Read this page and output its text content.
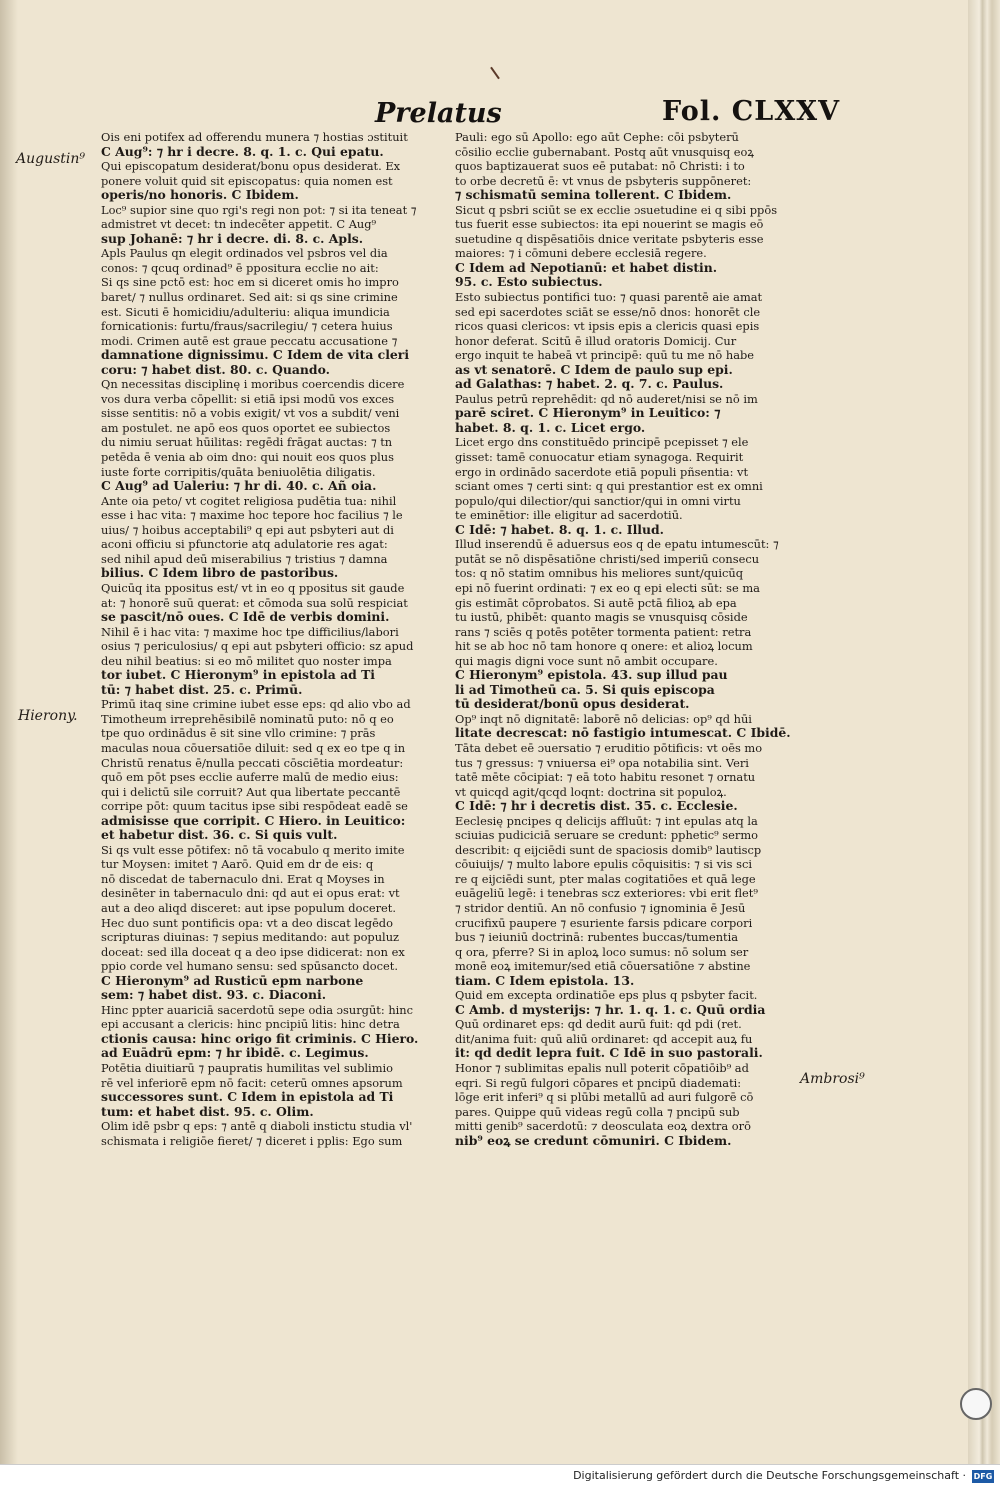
Prelatus	Fol. CLXXV
Augustin⁹
Hierony.
Ambrosi⁹
Ois eni potifex ad offerendu munera ⁊ hostias ɔstituit
C Aug⁹: ⁊ hr i decre. 8. q. 1. c. Qui epatu.
Qui episcopatum desiderat/bonu opus desiderat. Ex
ponere voluit quid sit episcopatus: quia nomen est
operis/no honoris. C Ibidem.
Loc⁹ supior sine quo rgi's regi non pot: ⁊ si ita teneat ⁊
admistret vt decet: tn indecēter appetit. C Aug⁹
sup Johanē: ⁊ hr i decre. di. 8. c. Apls.
Apls Paulus qn elegit ordinados vel psbros vel dia
conos: ⁊ qcuq ordinad⁹ ē ppositura ecclie no ait:
Si qs sine pctō est: hoc em si diceret omis ho impro
baret/ ⁊ nullus ordinaret. Sed ait: si qs sine crimine
est. Sicuti ē homicidiu/adulteriu: aliqua imundicia
fornicationis: furtu/fraus/sacrilegiu/ ⁊ cetera huius
modi. Crimen autē est graue peccatu accusatione ⁊
damnatione dignissimu. C Idem de vita cleri
coru: ⁊ habet dist. 80. c. Quando.
Qn necessitas disciplinę i moribus coercendis dicere
vos dura verba cōpellit: si etiā ipsi modū vos exces
sisse sentitis: nō a vobis exigit/ vt vos a subdit/ veni
am postulet. ne apō eos quos oportet ee subiectos
du nimiu seruat hūilitas: regēdi frāgat auctas: ⁊ tn
petēda ē venia ab oim dno: qui nouit eos quos plus
iuste forte corripitis/quāta beniuolētia diligatis.
C Aug⁹ ad Ualeriu: ⁊ hr di. 40. c. Añ oia.
Ante oia peto/ vt cogitet religiosa pudētia tua: nihil
esse i hac vita: ⁊ maxime hoc tepore hoc facilius ⁊ le
uius/ ⁊ hoibus acceptabili⁹ q epi aut psbyteri aut di
aconi officiu si pfunctorie atq adulatorie res agat:
sed nihil apud deū miserabilius ⁊ tristius ⁊ damna
bilius. C Idem libro de pastoribus.
Quicūq ita ppositus est/ vt in eo q ppositus sit gaude
at: ⁊ honorē suū querat: et cōmoda sua solū respiciat
se pascit/nō oues. C Idē de verbis domini.
Nihil ē i hac vita: ⁊ maxime hoc tpe difficilius/labori
osius ⁊ periculosius/ q epi aut psbyteri officio: sz apud
deu nihil beatius: si eo mō militet quo noster impa
tor iubet. C Hieronym⁹ in epistola ad Ti
tū: ⁊ habet dist. 25. c. Primū.
Primū itaq sine crimine iubet esse eps: qd alio vbo ad
Timotheum irreprehēsibilē nominatū puto: nō q eo
tpe quo ordinādus ē sit sine vllo crimine: ⁊ prās
maculas noua cōuersatiōe diluit: sed q ex eo tpe q in
Christū renatus ē/nulla peccati cōsciētia mordeatur:
quō em pōt pses ecclie auferre malū de medio eius:
qui i delictū sile corruit? Aut qua libertate peccantē
corripe pōt: quum tacitus ipse sibi respōdeat eadē se
admisisse que corripit. C Hiero. in Leuitico:
et habetur dist. 36. c. Si quis vult.
Si qs vult esse pōtifex: nō tā vocabulo q merito imite
tur Moysen: imitet ⁊ Aarō. Quid em dr de eis: q
nō discedat de tabernaculo dni. Erat q Moyses in
desinēter in tabernaculo dni: qd aut ei opus erat: vt
aut a deo aliqd disceret: aut ipse populum doceret.
Hec duo sunt pontificis opa: vt a deo discat legēdo
scripturas diuinas: ⁊ sepius meditando: aut populuz
doceat: sed illa doceat q a deo ipse didicerat: non ex
ppio corde vel humano sensu: sed spūsancto docet.
C Hieronym⁹ ad Rusticū epm narbone
sem: ⁊ habet dist. 93. c. Diaconi.
Hinc ppter auariciā sacerdotū sepe odia ɔsurgūt: hinc
epi accusant a clericis: hinc pncipiū litis: hinc detra
ctionis causa: hinc origo fit criminis. C Hiero.
ad Euādrū epm: ⁊ hr ibidē. c. Legimus.
Potētia diuitiarū ⁊ paupratis humilitas vel sublimio
rē vel inferiorē epm nō facit: ceterū omnes apsorum
successores sunt. C Idem in epistola ad Ti
tum: et habet dist. 95. c. Olim.
Olim idē psbr q eps: ⁊ antē q diaboli instictu studia vl'
schismata i religiōe fieret/ ⁊ diceret i pplis: Ego sum
Pauli: ego sū Apollo: ego aūt Cephe: cōi psbyterū
cōsilio ecclie gubernabant. Postq aūt vnusquisq eoꝝ
quos baptizauerat suos eē putabat: nō Christi: i to
to orbe decretū ē: vt vnus de psbyteris suppōneret:
⁊ schismatū semina tollerent. C Ibidem.
Sicut q psbri sciūt se ex ecclie ɔsuetudine ei q sibi ppōs
tus fuerit esse subiectos: ita epi nouerint se magis eō
suetudine q dispēsatiōis dnice veritate psbyteris esse
maiores: ⁊ i cōmuni debere ecclesiā regere.
C Idem ad Nepotianū: et habet distin.
95. c. Esto subiectus.
Esto subiectus pontifici tuo: ⁊ quasi parentē aie amat
sed epi sacerdotes sciāt se esse/nō dnos: honorēt cle
ricos quasi clericos: vt ipsis epis a clericis quasi epis
honor deferat. Scitū ē illud oratoris Domicij. Cur
ergo inquit te habeā vt principē: quū tu me nō habe
as vt senatorē. C Idem de paulo sup epi.
ad Galathas: ⁊ habet. 2. q. 7. c. Paulus.
Paulus petrū reprehēdit: qd nō auderet/nisi se nō im
parē sciret. C Hieronym⁹ in Leuitico: ⁊
habet. 8. q. 1. c. Licet ergo.
Licet ergo dns constituēdo principē pcepisset ⁊ ele
gisset: tamē conuocatur etiam synagoga. Requirit
ergo in ordinādo sacerdote etiā populi pñsentia: vt
sciant omes ⁊ certi sint: q qui prestantior est ex omni
populo/qui dilectior/qui sanctior/qui in omni virtu
te eminētior: ille eligitur ad sacerdotiū.
C Idē: ⁊ habet. 8. q. 1. c. Illud.
Illud inserendū ē aduersus eos q de epatu intumescūt: ⁊
putāt se nō dispēsatiōne christi/sed imperiū consecu
tos: q nō statim omnibus his meliores sunt/quicūq
epi nō fuerint ordinati: ⁊ ex eo q epi electi sūt: se ma
gis estimāt cōprobatos. Si autē pctā filioꝝ ab epa
tu iustū, phibēt: quanto magis se vnusquisq cōside
rans ⁊ sciēs q potēs potēter tormenta patient: retra
hit se ab hoc nō tam honore q onere: et alioꝝ locum
qui magis digni voce sunt nō ambit occupare.
C Hieronym⁹ epistola. 43. sup illud pau
li ad Timotheū ca. 5. Si quis episcopa
tū desiderat/bonū opus desiderat.
Op⁹ inqt nō dignitatē: laborē nō delicias: op⁹ qd hūi
litate decrescat: nō fastigio intumescat. C Ibidē.
Tāta debet eē ɔuersatio ⁊ eruditio pōtificis: vt oēs mo
tus ⁊ gressus: ⁊ vniuersa ei⁹ opa notabilia sint. Veri
tatē mēte cōcipiat: ⁊ eā toto habitu resonet ⁊ ornatu
vt quicqd agit/qcqd loqnt: doctrina sit populoꝝ.
C Idē: ⁊ hr i decretis dist. 35. c. Ecclesie.
Eeclesię pncipes q delicijs affluūt: ⁊ int epulas atq la
sciuias pudiciciā seruare se credunt: pphetic⁹ sermo
describit: q eijciēdi sunt de spaciosis domib⁹ lautiscp
cōuiuijs/ ⁊ multo labore epulis cōquisitis: ⁊ si vis sci
re q eijciēdi sunt, pter malas cogitatiōes et quā lege
euāgeliū legē: i tenebras scz exteriores: vbi erit flet⁹
⁊ stridor dentiū. An nō confusio ⁊ ignominia ē Jesū
crucifixū paupere ⁊ esuriente farsis pdicare corpori
bus ⁊ ieiuniū doctrinā: rubentes buccas/tumentia
q ora, pferre? Si in aploꝝ loco sumus: nō solum ser
monē eoꝝ imitemur/sed etiā cōuersatiōne ⁊ abstine
tiam. C Idem epistola. 13.
Quid em excepta ordinatiōe eps plus q psbyter facit.
C Amb. d mysterijs: ⁊ hr. 1. q. 1. c. Quū ordia
Quū ordinaret eps: qd dedit aurū fuit: qd pdi (ret.
dit/anima fuit: quū aliū ordinaret: qd accepit auꝝ fu
it: qd dedit lepra fuit. C Idē in suo pastorali.
Honor ⁊ sublimitas epalis null poterit cōpatiōib⁹ ad
eqri. Si regū fulgori cōpares et pncipū diademati:
lōge erit inferi⁹ q si plūbi metallū ad auri fulgorē cō
pares. Quippe quū videas regū colla ⁊ pncipū sub
mitti genib⁹ sacerdotū: ⁊ deosculata eoꝝ dextra orō
nib⁹ eoꝝ se credunt cōmuniri. C Ibidem.
Digitalisierung gefördert durch die Deutsche Forschungsgemeinschaft · DFG
